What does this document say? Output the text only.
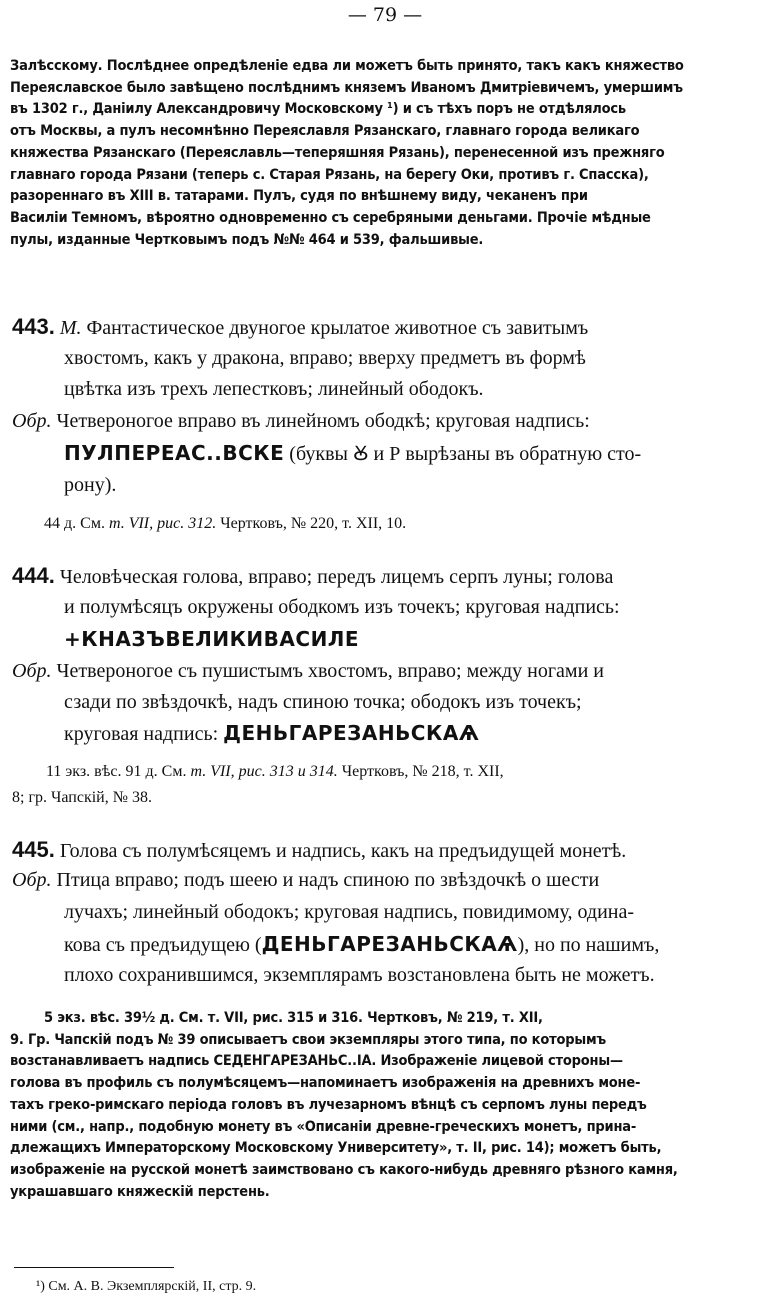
— 79 —
Залѣсскому. Послѣднее опредѣленіе едва ли можетъ быть принято, такъ какъ княжество
Переяславское было завѣщено послѣднимъ княземъ Иваномъ Дмитріевичемъ, умершимъ
въ 1302 г., Даніилу Александровичу Московскому ¹) и съ тѣхъ поръ не отдѣлялось
отъ Москвы, а пулъ несомнѣнно Переяславля Рязанскаго, главнаго города великаго
княжества Рязанскаго (Переяславль—теперяшняя Рязань), перенесенной изъ прежняго
главнаго города Рязани (теперь с. Старая Рязань, на берегу Оки, противъ г. Спасска),
разореннаго въ XIII в. татарами. Пулъ, судя по внѣшнему виду, чеканенъ при
Василіи Темномъ, вѣроятно одновременно съ серебряными деньгами. Прочіе мѣдные
пулы, изданные Чертковымъ подъ №№ 464 и 539, фальшивые.
443. М. Фантастическое двуногое крылатое животное съ завитымъ
хвостомъ, какъ у дракона, вправо; вверху предметъ въ формѣ
цвѣтка изъ трехъ лепестковъ; линейный ободокъ.
Обр. Четвероногое вправо въ линейномъ ободкѣ; круговая надпись:
ПУЛПЕРЕАС..ВСКЕ (буквы Ꙋ и Р вырѣзаны въ обратную сто-
рону).
44 д. См. т. VII, рис. 312. Чертковъ, № 220, т. XII, 10.
444. Человѣческая голова, вправо; передъ лицемъ серпъ луны; голова
и полумѣсяцъ окружены ободкомъ изъ точекъ; круговая надпись:
+КНАЗЪВЕЛИКИВАСИЛЕ
Обр. Четвероногое съ пушистымъ хвостомъ, вправо; между ногами и
сзади по звѣздочкѣ, надъ спиною точка; ободокъ изъ точекъ;
круговая надпись: ДЕНЬГАРЕЗАНЬСКАѦ
11 экз. вѣс. 91 д. См. т. VII, рис. 313 и 314. Чертковъ, № 218, т. XII,
8; гр. Чапскій, № 38.
445. Голова съ полумѣсяцемъ и надпись, какъ на предъидущей монетѣ.
Обр. Птица вправо; подъ шеею и надъ спиною по звѣздочкѣ о шести
лучахъ; линейный ободокъ; круговая надпись, повидимому, одина-
кова съ предъидущею (ДЕНЬГАРЕЗАНЬСКАѦ), но по нашимъ,
плохо сохранившимся, экземплярамъ возстановлена быть не можетъ.
5 экз. вѣс. 39½ д. См. т. VII, рис. 315 и 316. Чертковъ, № 219, т. XII,
9. Гр. Чапскій подъ № 39 описываетъ свои экземпляры этого типа, по которымъ
возстанавливаетъ надпись СЕДЕНГАРЕЗАНЬС..ІА. Изображеніе лицевой стороны—
голова въ профиль съ полумѣсяцемъ—напоминаетъ изображенія на древнихъ моне-
тахъ греко-римскаго періода головъ въ лучезарномъ вѣнцѣ съ серпомъ луны передъ
ними (см., напр., подобную монету въ «Описаніи древне-греческихъ монетъ, прина-
длежащихъ Императорскому Московскому Университету», т. II, рис. 14); можетъ быть,
изображеніе на русской монетѣ заимствовано съ какого-нибудь древняго рѣзного камня,
украшавшаго княжескій перстень.
¹) См. А. В. Экземплярскій, II, стр. 9.
